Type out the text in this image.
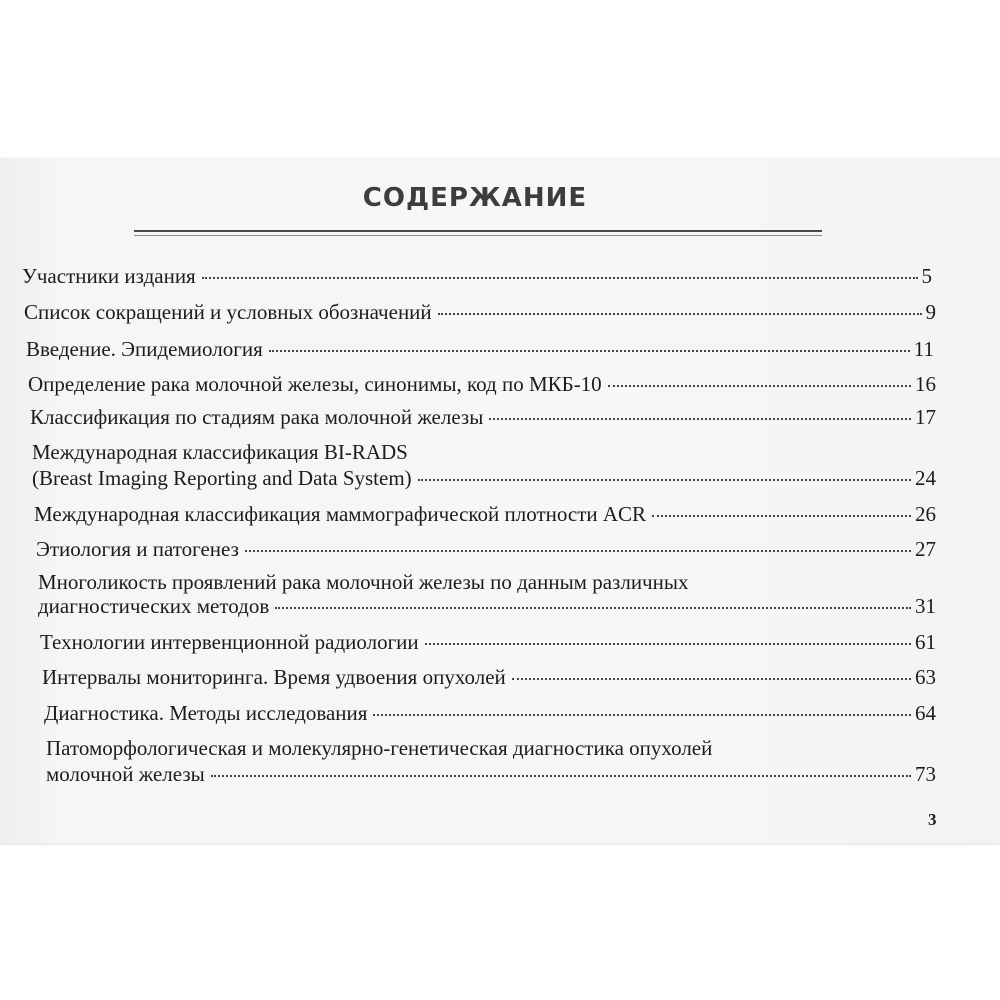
СОДЕРЖАНИЕ
Участники издания	5
Список сокращений и условных обозначений	9
Введение. Эпидемиология	11
Определение рака молочной железы, синонимы, код по МКБ-10	16
Классификация по стадиям рака молочной железы	17
Международная классификация BI-RADS
(Breast Imaging Reporting and Data System)	24
Международная классификация маммографической плотности ACR	26
Этиология и патогенез	27
Многоликость проявлений рака молочной железы по данным различных
диагностических методов	31
Технологии интервенционной радиологии	61
Интервалы мониторинга. Время удвоения опухолей	63
Диагностика. Методы исследования	64
Патоморфологическая и молекулярно-генетическая диагностика опухолей
молочной железы	73
3
